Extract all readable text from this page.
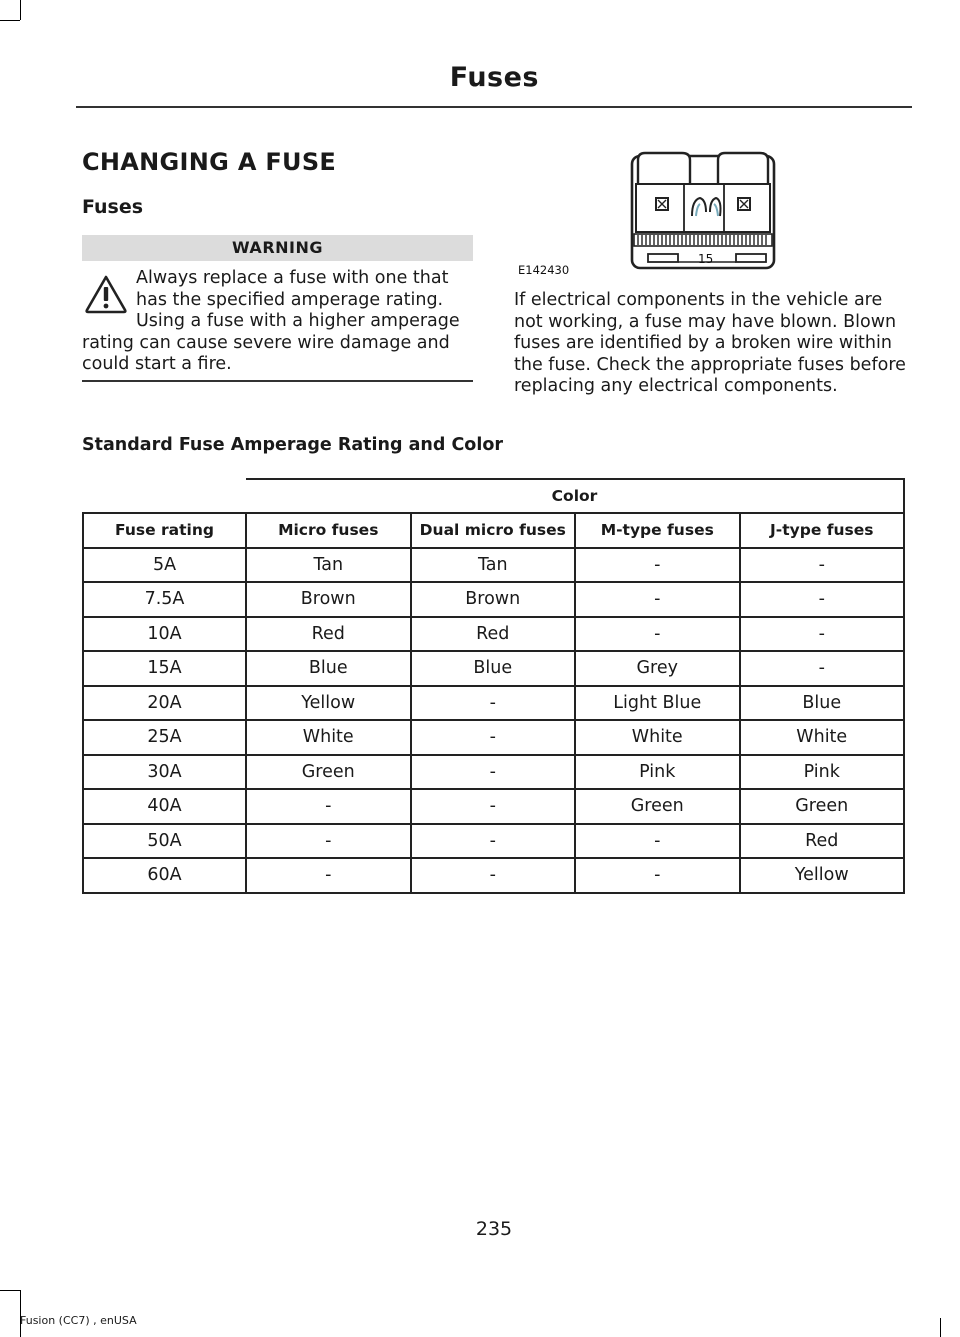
Fuses
CHANGING A FUSE
Fuses
WARNING
Always replace a fuse with one that has the specified amperage rating. Using a fuse with a higher amperage rating can cause severe wire damage and could start a fire.
E142430
15
If electrical components in the vehicle are not working, a fuse may have blown. Blown fuses are identified by a broken wire within the fuse. Check the appropriate fuses before replacing any electrical components.
Standard Fuse Amperage Rating and Color
	Color			
Fuse rating	Micro fuses	Dual micro fuses	M-type fuses	J-type fuses
5A	Tan	Tan	-	-
7.5A	Brown	Brown	-	-
10A	Red	Red	-	-
15A	Blue	Blue	Grey	-
20A	Yellow	-	Light Blue	Blue
25A	White	-	White	White
30A	Green	-	Pink	Pink
40A	-	-	Green	Green
50A	-	-	-	Red
60A	-	-	-	Yellow
235
Fusion (CC7) , enUSA
